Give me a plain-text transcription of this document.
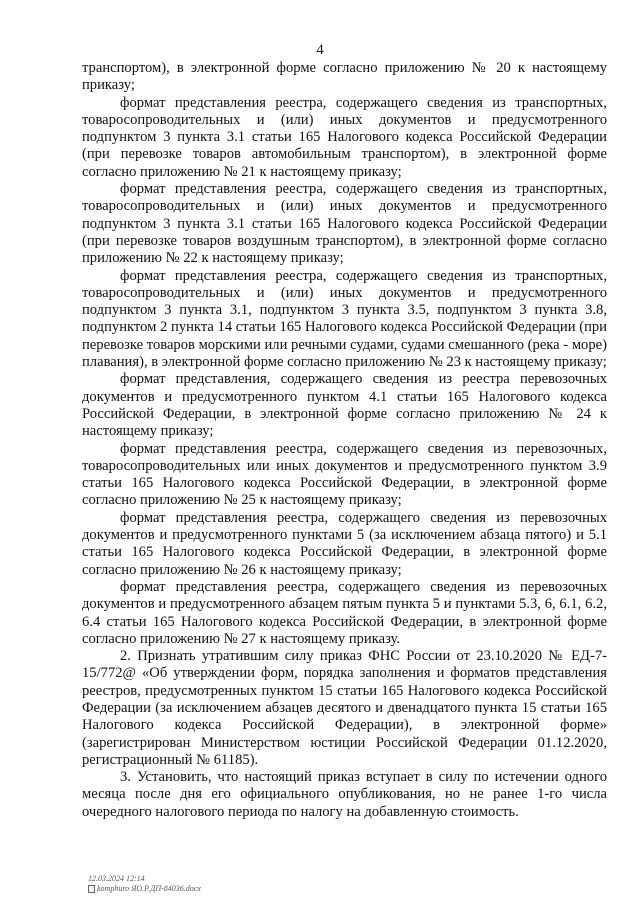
4

транспортом), в электронной форме согласно приложению № 20 к настоящему приказу;

формат представления реестра, содержащего сведения из транспортных, товаросопроводительных и (или) иных документов и предусмотренного подпунктом 3 пункта 3.1 статьи 165 Налогового кодекса Российской Федерации (при перевозке товаров автомобильным транспортом), в электронной форме согласно приложению № 21 к настоящему приказу;

формат представления реестра, содержащего сведения из транспортных, товаросопроводительных и (или) иных документов и предусмотренного подпунктом 3 пункта 3.1 статьи 165 Налогового кодекса Российской Федерации (при перевозке товаров воздушным транспортом), в электронной форме согласно приложению № 22 к настоящему приказу;

формат представления реестра, содержащего сведения из транспортных, товаросопроводительных и (или) иных документов и предусмотренного подпунктом 3 пункта 3.1, подпунктом 3 пункта 3.5, подпунктом 3 пункта 3.8, подпунктом 2 пункта 14 статьи 165 Налогового кодекса Российской Федерации (при перевозке товаров морскими или речными судами, судами смешанного (река - море) плавания), в электронной форме согласно приложению № 23 к настоящему приказу;

формат представления, содержащего сведения из реестра перевозочных документов и предусмотренного пунктом 4.1 статьи 165 Налогового кодекса Российской Федерации, в электронной форме согласно приложению № 24 к настоящему приказу;

формат представления реестра, содержащего сведения из перевозочных, товаросопроводительных или иных документов и предусмотренного пунктом 3.9 статьи 165 Налогового кодекса Российской Федерации, в электронной форме согласно приложению № 25 к настоящему приказу;

формат представления реестра, содержащего сведения из перевозочных документов и предусмотренного пунктами 5 (за исключением абзаца пятого) и 5.1 статьи 165 Налогового кодекса Российской Федерации, в электронной форме согласно приложению № 26 к настоящему приказу;

формат представления реестра, содержащего сведения из перевозочных документов и предусмотренного абзацем пятым пункта 5 и пунктами 5.3, 6, 6.1, 6.2, 6.4 статьи 165 Налогового кодекса Российской Федерации, в электронной форме согласно приложению № 27 к настоящему приказу.

2. Признать утратившим силу приказ ФНС России от 23.10.2020 № ЕД-7-15/772@ «Об утверждении форм, порядка заполнения и форматов представления реестров, предусмотренных пунктом 15 статьи 165 Налогового кодекса Российской Федерации (за исключением абзацев десятого и двенадцатого пункта 15 статьи 165 Налогового кодекса Российской Федерации), в электронной форме» (зарегистрирован Министерством юстиции Российской Федерации 01.12.2020, регистрационный № 61185).

3. Установить, что настоящий приказ вступает в силу по истечении одного месяца после дня его официального опубликования, но не ранее 1-го числа очередного налогового периода по налогу на добавленную стоимость.

12.03.2024 12:14
komphuro ЯО.Р.ДП-84036.docx
